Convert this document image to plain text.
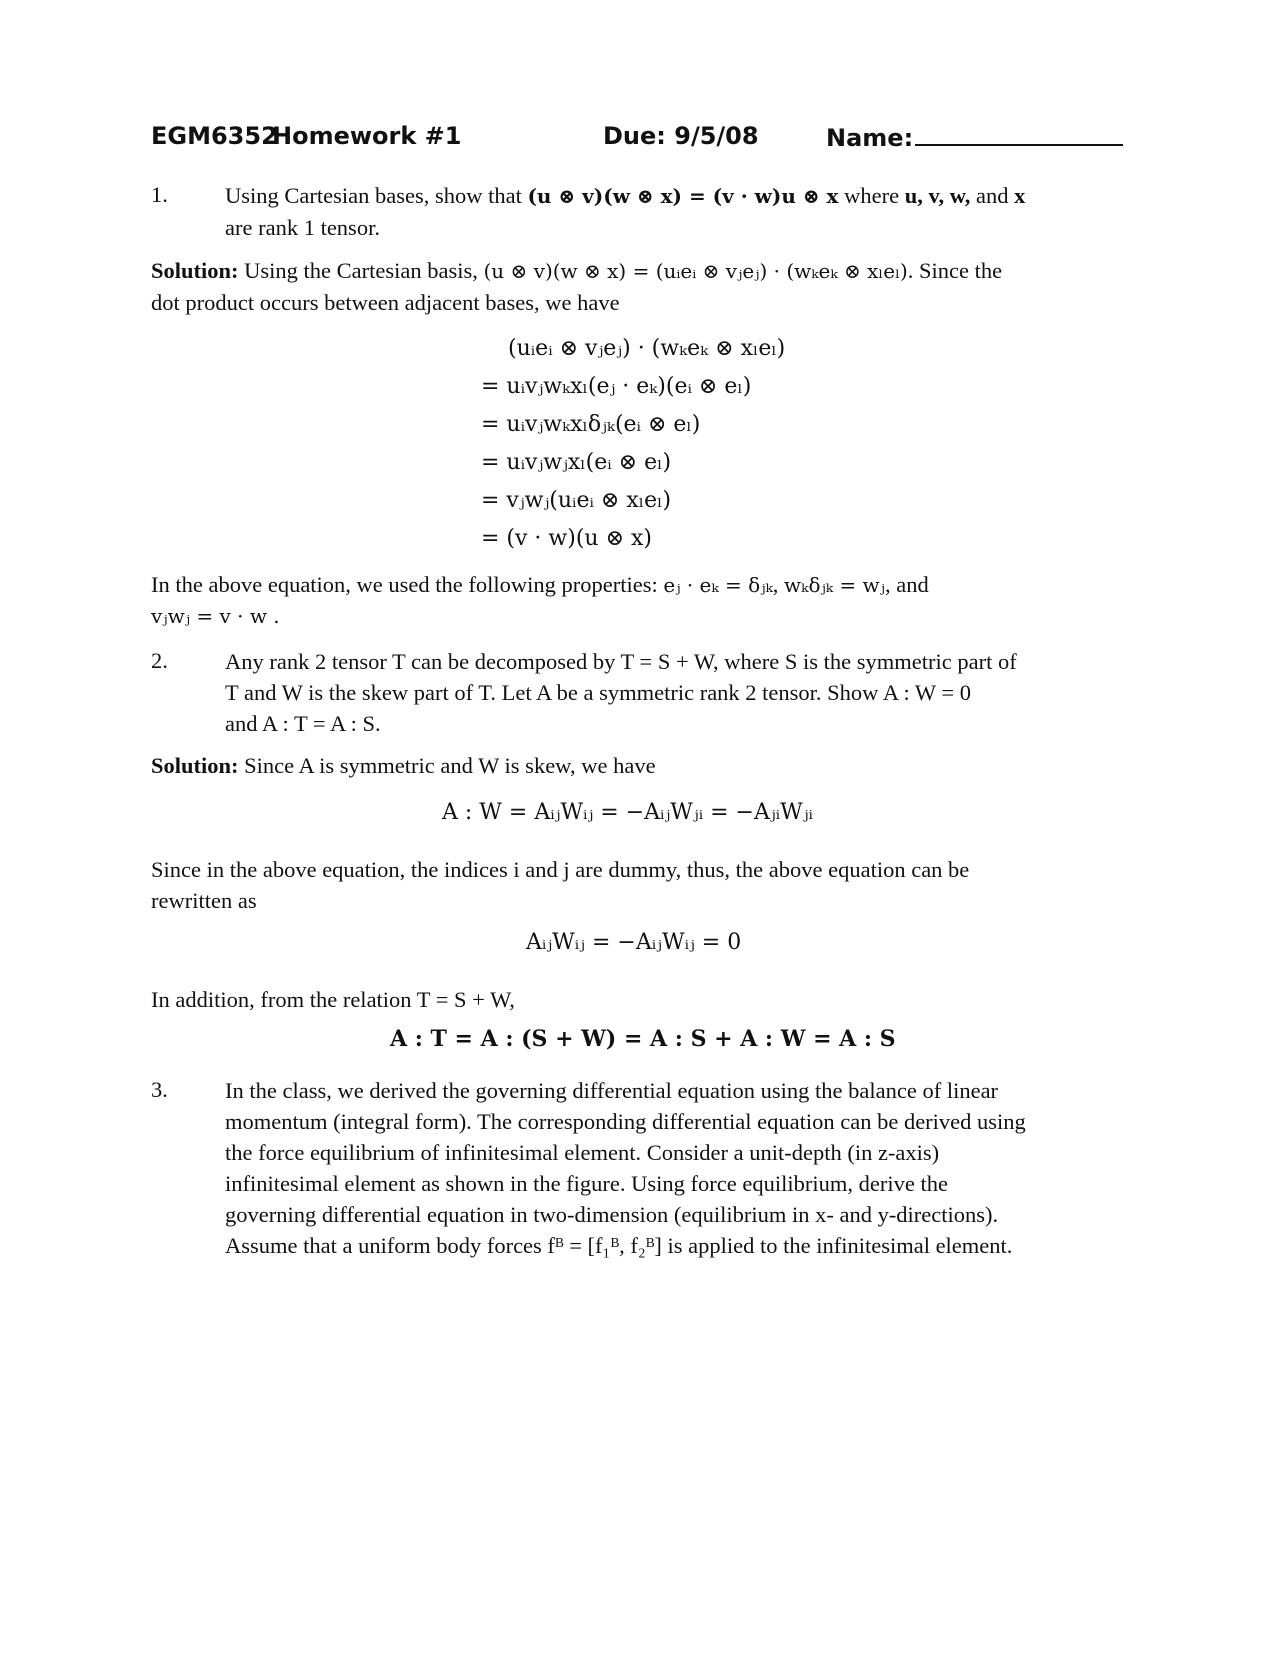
EGM6352
Homework #1	Due: 9/5/08	Name:
1.	Using Cartesian bases, show that (u ⊗ v)(w ⊗ x) = (v · w)u ⊗ x where u, v, w, and x
are rank 1 tensor.
Solution: Using the Cartesian basis, (u ⊗ v)(w ⊗ x) = (uᵢeᵢ ⊗ vⱼeⱼ) · (wₖeₖ ⊗ xₗeₗ). Since the
dot product occurs between adjacent bases, we have
(uᵢeᵢ ⊗ vⱼeⱼ) · (wₖeₖ ⊗ xₗeₗ)
= uᵢvⱼwₖxₗ(eⱼ · eₖ)(eᵢ ⊗ eₗ)
= uᵢvⱼwₖxₗδⱼₖ(eᵢ ⊗ eₗ)
= uᵢvⱼwⱼxₗ(eᵢ ⊗ eₗ)
= vⱼwⱼ(uᵢeᵢ ⊗ xₗeₗ)
= (v · w)(u ⊗ x)
In the above equation, we used the following properties: eⱼ · eₖ = δⱼₖ, wₖδⱼₖ = wⱼ, and
vⱼwⱼ = v · w .
2.	Any rank 2 tensor T can be decomposed by T = S + W, where S is the symmetric part of
T and W is the skew part of T. Let A be a symmetric rank 2 tensor. Show A : W = 0
and A : T = A : S.
Solution: Since A is symmetric and W is skew, we have
A : W = AᵢⱼWᵢⱼ = −AᵢⱼWⱼᵢ = −AⱼᵢWⱼᵢ
Since in the above equation, the indices i and j are dummy, thus, the above equation can be
rewritten as
AᵢⱼWᵢⱼ = −AᵢⱼWᵢⱼ = 0
In addition, from the relation T = S + W,
A : T = A : (S + W) = A : S + A : W = A : S
3.	In the class, we derived the governing differential equation using the balance of linear
momentum (integral form). The corresponding differential equation can be derived using
the force equilibrium of infinitesimal element. Consider a unit-depth (in z-axis)
infinitesimal element as shown in the figure. Using force equilibrium, derive the
governing differential equation in two-dimension (equilibrium in x- and y-directions).
Assume that a uniform body forces fᴮ = [f₁ᴮ, f₂ᴮ] is applied to the infinitesimal element.
